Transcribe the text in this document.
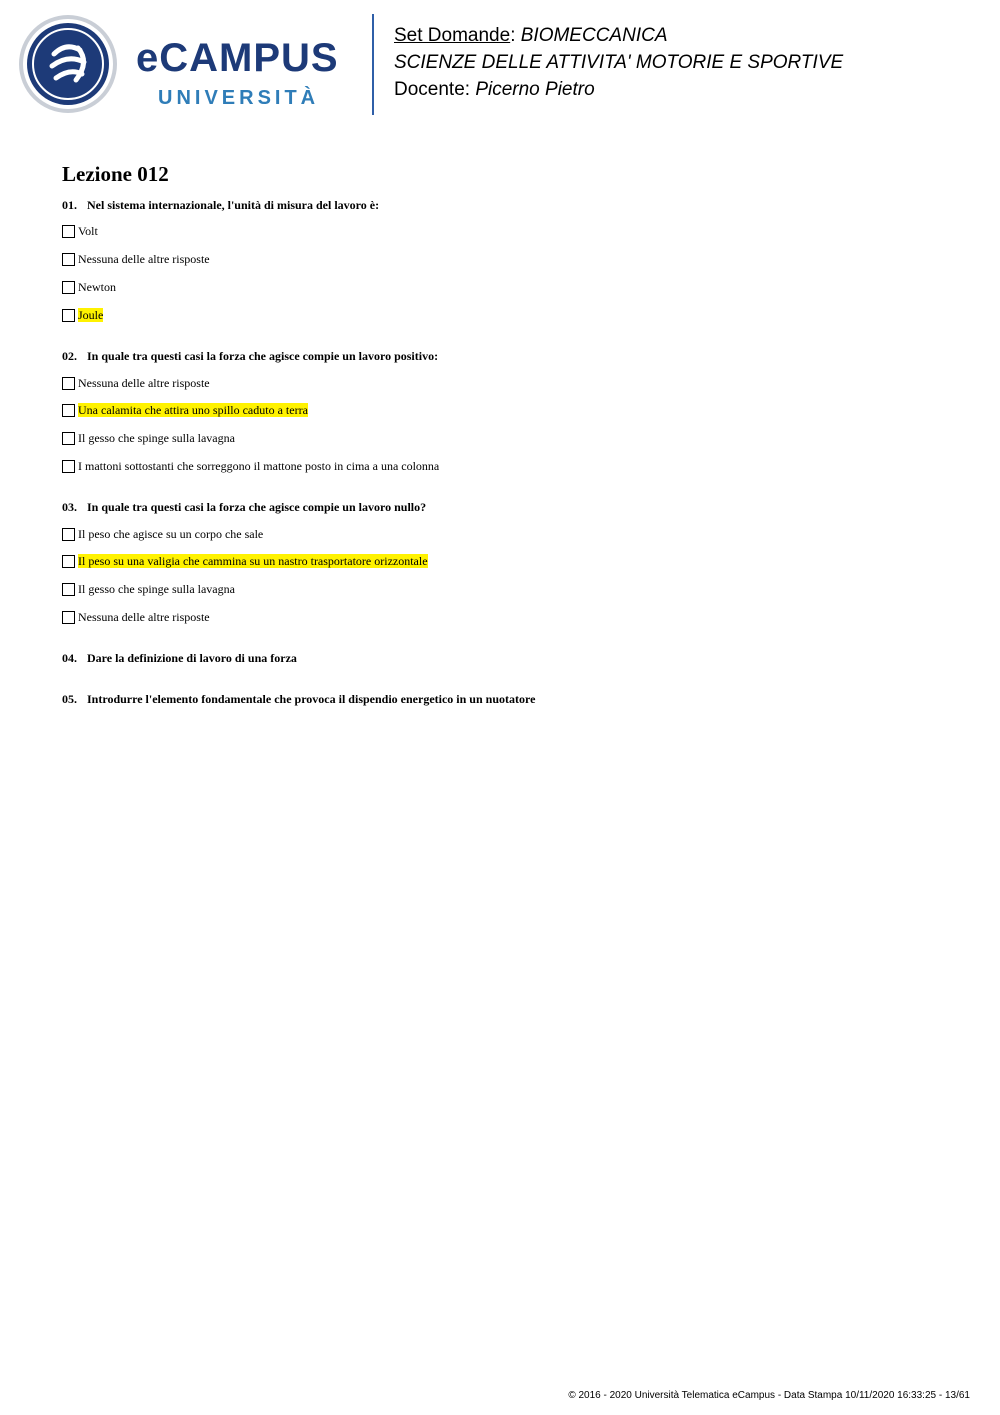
eCAMPUS

UNIVERSITÀ

Set Domande: BIOMECCANICA
SCIENZE DELLE ATTIVITA' MOTORIE E SPORTIVE
Docente: Picerno Pietro
Lezione 012
01. Nel sistema internazionale, l'unità di misura del lavoro è:
Volt
Nessuna delle altre risposte
Newton
Joule
02. In quale tra questi casi la forza che agisce compie un lavoro positivo:
Nessuna delle altre risposte
Una calamita che attira uno spillo caduto a terra
Il gesso che spinge sulla lavagna
I mattoni sottostanti che sorreggono il mattone posto in cima a una colonna
03. In quale tra questi casi la forza che agisce compie un lavoro nullo?
Il peso che agisce su un corpo che sale
Il peso su una valigia che cammina su un nastro trasportatore orizzontale
Il gesso che spinge sulla lavagna
Nessuna delle altre risposte
04. Dare la definizione di lavoro di una forza
05. Introdurre l'elemento fondamentale che provoca il dispendio energetico in un nuotatore
© 2016 - 2020 Università Telematica eCampus - Data Stampa 10/11/2020 16:33:25 - 13/61
